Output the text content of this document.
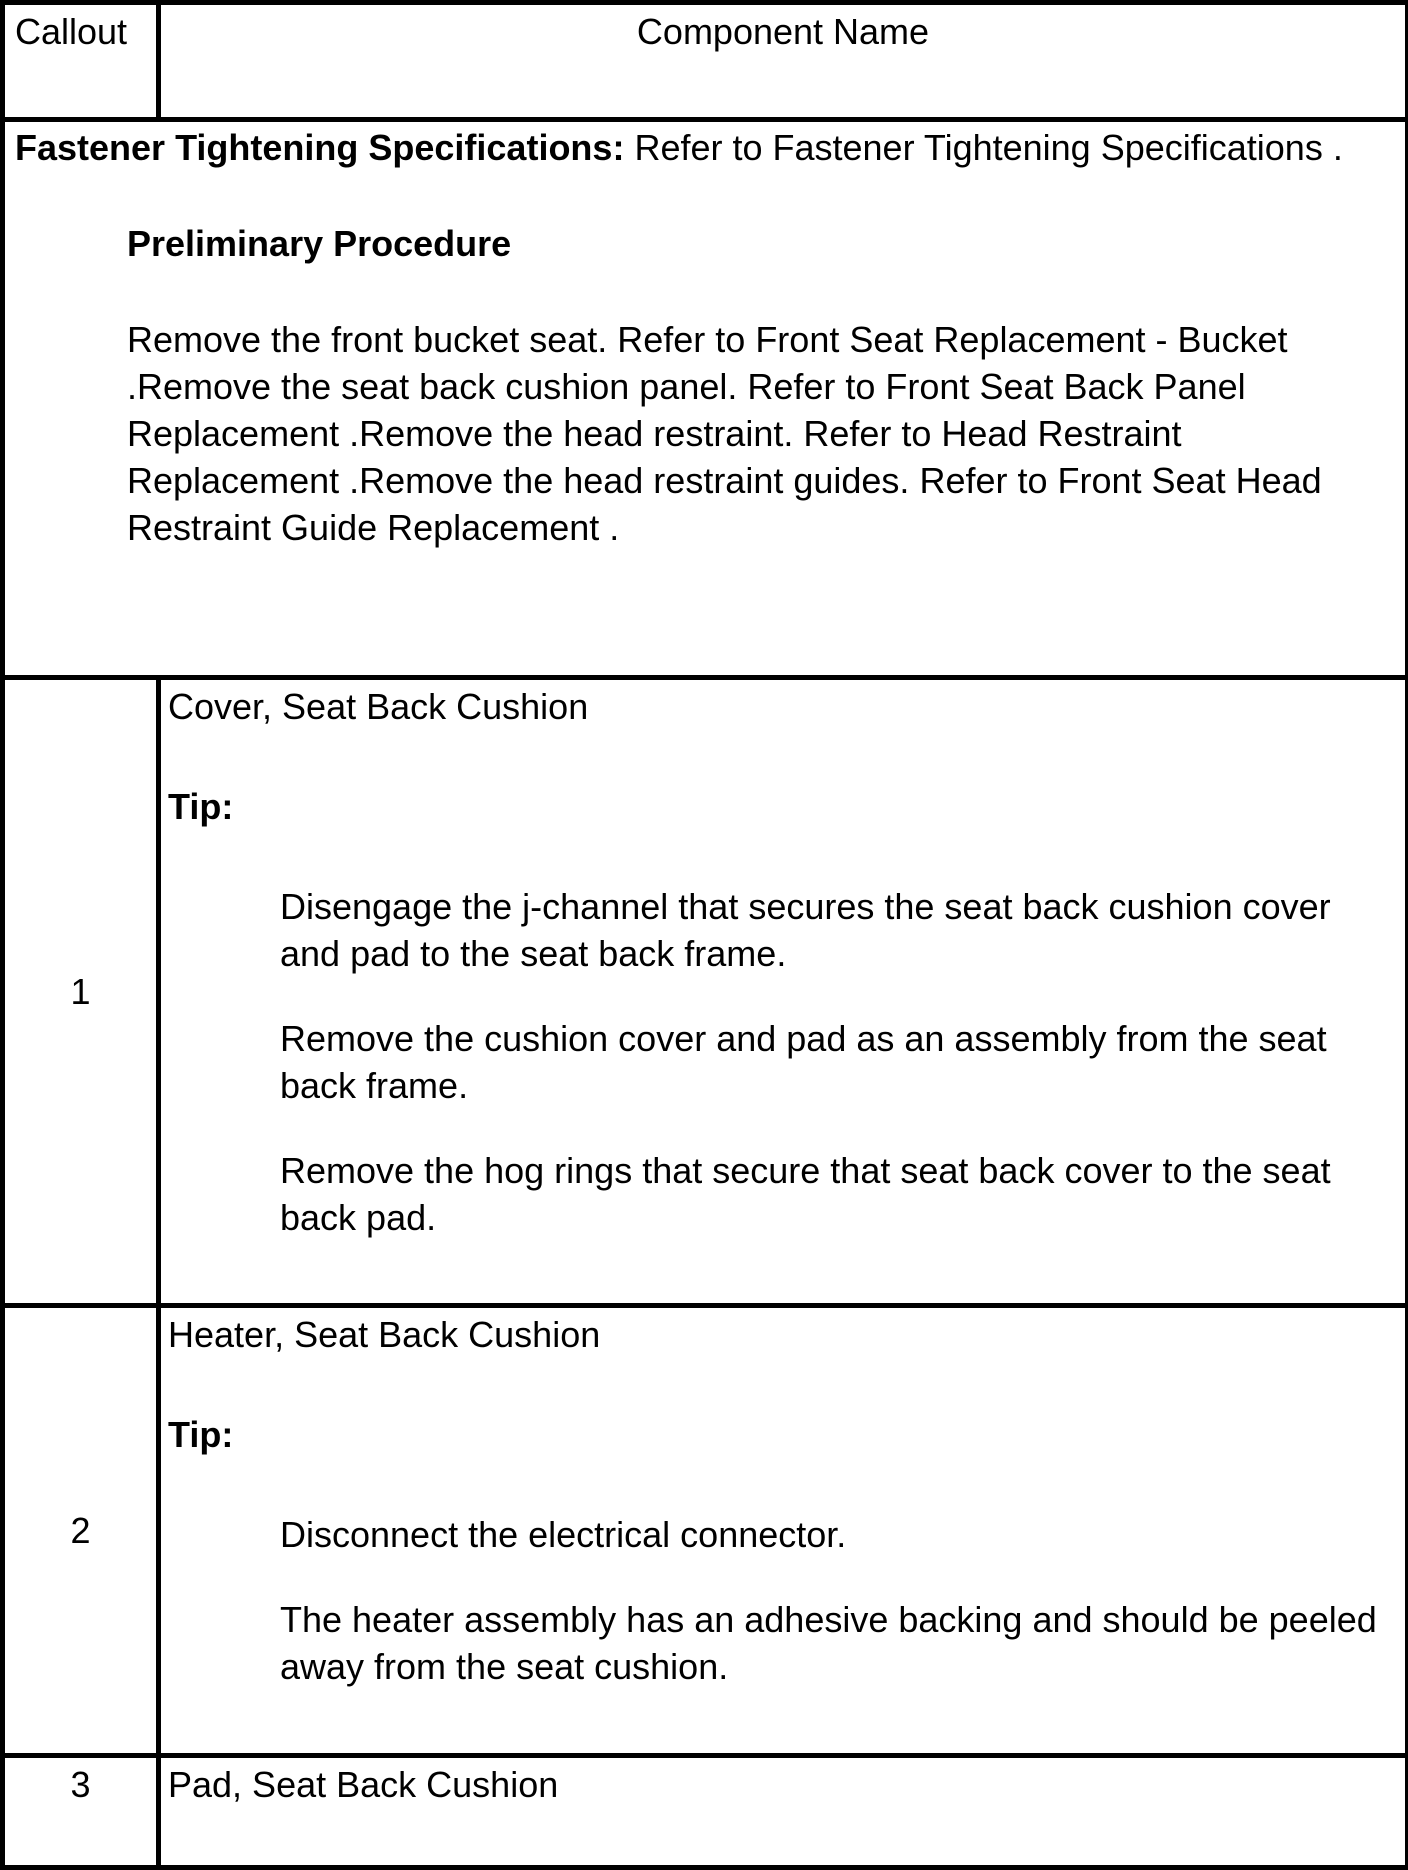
Callout	Component Name

Fastener Tightening Specifications: Refer to Fastener Tightening Specifications .
Preliminary Procedure
Remove the front bucket seat. Refer to Front Seat Replacement - Bucket .Remove the seat back cushion panel. Refer to Front Seat Back Panel Replacement .Remove the head restraint. Refer to Head Restraint Replacement .Remove the head restraint guides. Refer to Front Seat Head Restraint Guide Replacement .	

1	Cover, Seat Back Cushion
Tip:
Disengage the j-channel that secures the seat back cushion cover and pad to the seat back frame.
Remove the cushion cover and pad as an assembly from the seat back frame.
Remove the hog rings that secure that seat back cover to the seat back pad.

2	Heater, Seat Back Cushion
Tip:
Disconnect the electrical connector.
The heater assembly has an adhesive backing and should be peeled away from the seat cushion.

3	Pad, Seat Back Cushion
